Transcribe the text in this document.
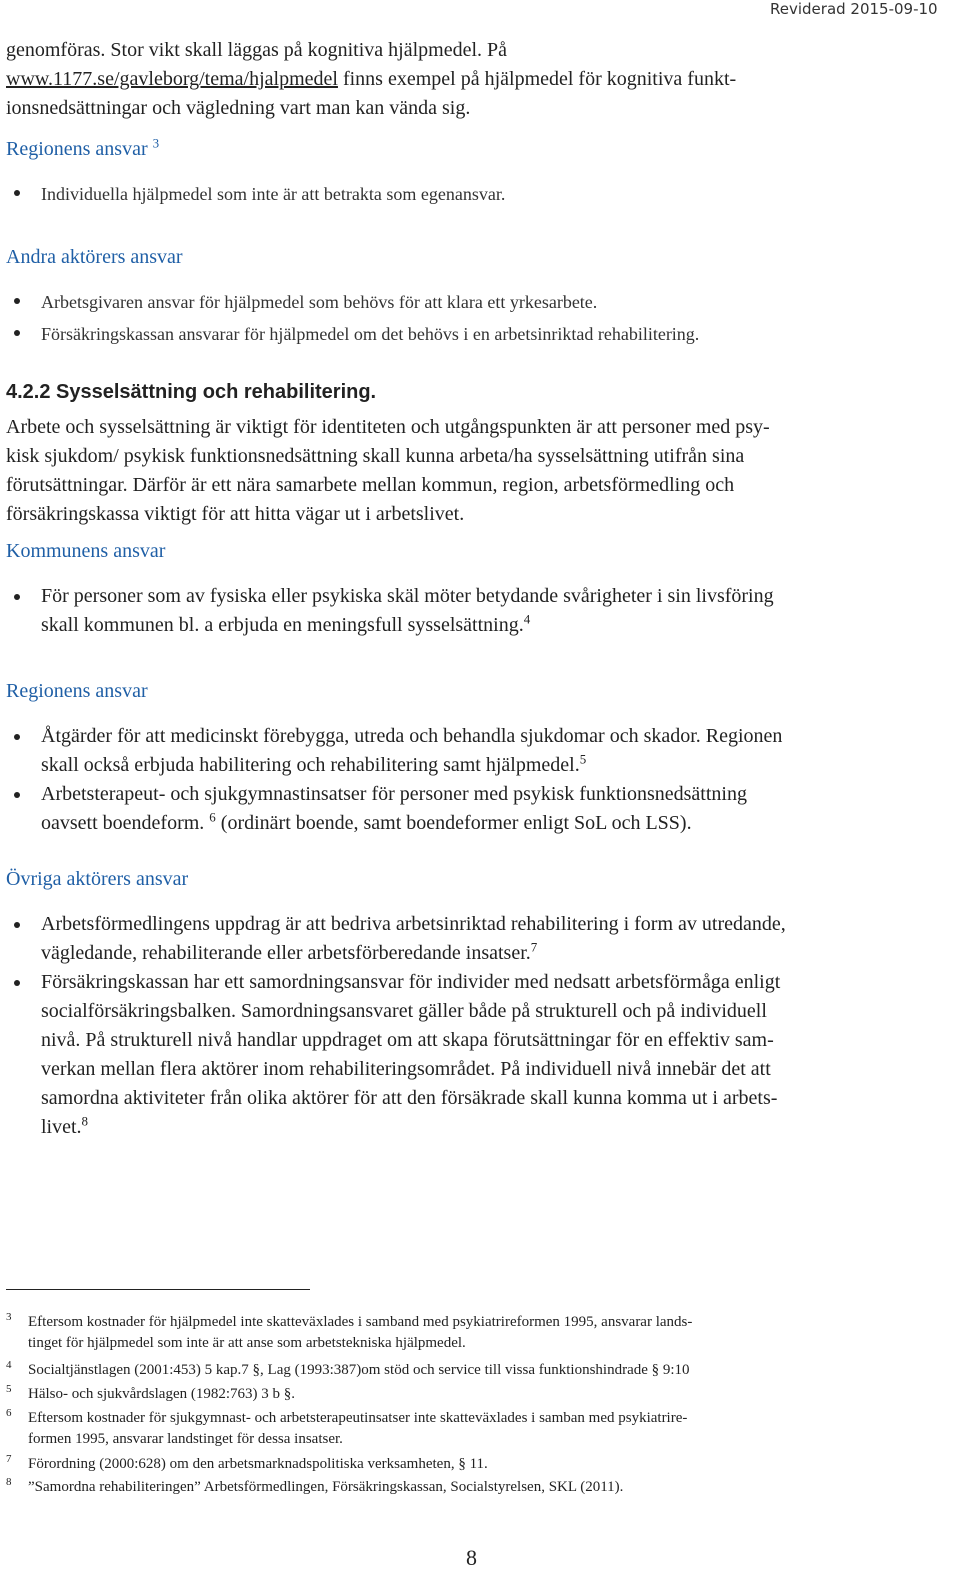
Reviderad 2015-09-10
genomföras. Stor vikt skall läggas på kognitiva hjälpmedel. På
www.1177.se/gavleborg/tema/hjalpmedel finns exempel på hjälpmedel för kognitiva funkt-
ionsnedsättningar och vägledning vart man kan vända sig.
Regionens ansvar $^3$
Individuella hjälpmedel som inte är att betrakta som egenansvar.
Andra aktörers ansvar
Arbetsgivaren ansvar för hjälpmedel som behövs för att klara ett yrkesarbete.
Försäkringskassan ansvarar för hjälpmedel om det behövs i en arbetsinriktad rehabilitering.
4.2.2 Sysselsättning och rehabilitering.
Arbete och sysselsättning är viktigt för identiteten och utgångspunkten är att personer med psy-
kisk sjukdom/ psykisk funktionsnedsättning skall kunna arbeta/ha sysselsättning utifrån sina
förutsättningar. Därför är ett nära samarbete mellan kommun, region, arbetsförmedling och
försäkringskassa viktigt för att hitta vägar ut i arbetslivet.
Kommunens ansvar
För personer som av fysiska eller psykiska skäl möter betydande svårigheter i sin livsföring
skall kommunen bl. a erbjuda en meningsfull sysselsättning.$^4$
Regionens ansvar
Åtgärder för att medicinskt förebygga, utreda och behandla sjukdomar och skador. Regionen
skall också erbjuda habilitering och rehabilitering samt hjälpmedel.$^5$
Arbetsterapeut- och sjukgymnastinsatser för personer med psykisk funktionsnedsättning
oavsett boendeform. $^6$ (ordinärt boende, samt boendeformer enligt SoL och LSS).
Övriga aktörers ansvar
Arbetsförmedlingens uppdrag är att bedriva arbetsinriktad rehabilitering i form av utredande,
vägledande, rehabiliterande eller arbetsförberedande insatser.$^7$
Försäkringskassan har ett samordningsansvar för individer med nedsatt arbetsförmåga enligt
socialförsäkringsbalken. Samordningsansvaret gäller både på strukturell och på individuell
nivå. På strukturell nivå handlar uppdraget om att skapa förutsättningar för en effektiv sam-
verkan mellan flera aktörer inom rehabiliteringsområdet. På individuell nivå innebär det att
samordna aktiviteter från olika aktörer för att den försäkrade skall kunna komma ut i arbets-
livet.$^8$
3 Eftersom kostnader för hjälpmedel inte skatteväxlades i samband med psykiatrireformen 1995, ansvarar lands-
tinget för hjälpmedel som inte är att anse som arbetstekniska hjälpmedel.
4 Socialtjänstlagen (2001:453) 5 kap.7 §, Lag (1993:387)om stöd och service till vissa funktionshindrade § 9:10
5 Hälso- och sjukvårdslagen (1982:763) 3 b §.
6 Eftersom kostnader för sjukgymnast- och arbetsterapeutinsatser inte skatteväxlades i samban med psykiatrire-
formen 1995, ansvarar landstinget för dessa insatser.
7 Förordning (2000:628) om den arbetsmarknadspolitiska verksamheten, § 11.
8 ”Samordna rehabiliteringen” Arbetsförmedlingen, Försäkringskassan, Socialstyrelsen, SKL (2011).
8
